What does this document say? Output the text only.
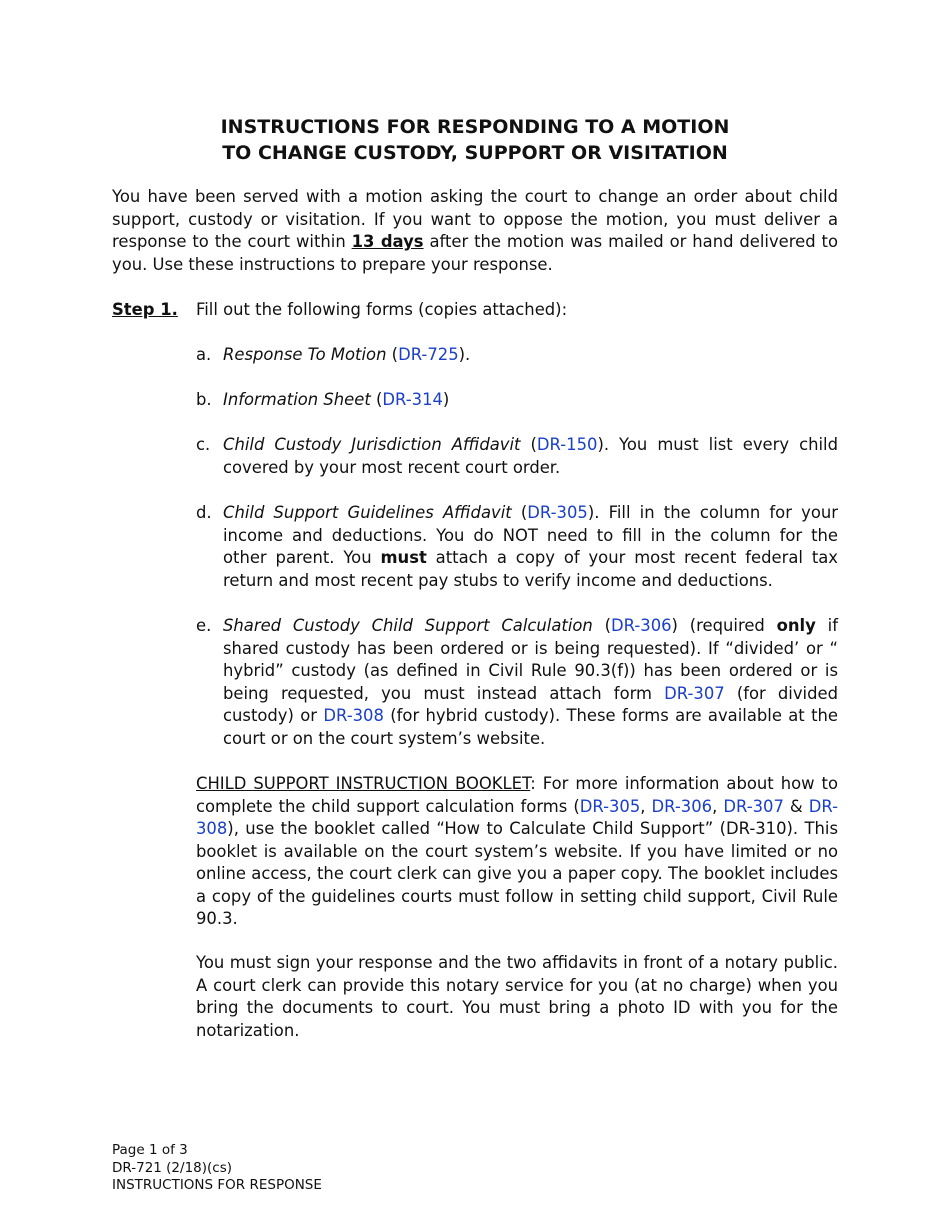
INSTRUCTIONS FOR RESPONDING TO A MOTION
TO CHANGE CUSTODY, SUPPORT OR VISITATION
You have been served with a motion asking the court to change an order about child support, custody or visitation. If you want to oppose the motion, you must deliver a response to the court within 13 days after the motion was mailed or hand delivered to you. Use these instructions to prepare your response.
Step 1. Fill out the following forms (copies attached):
a. Response To Motion (DR-725).
b. Information Sheet (DR-314)
c. Child Custody Jurisdiction Affidavit (DR-150). You must list every child covered by your most recent court order.
d. Child Support Guidelines Affidavit (DR-305). Fill in the column for your income and deductions. You do NOT need to fill in the column for the other parent. You must attach a copy of your most recent federal tax return and most recent pay stubs to verify income and deductions.
e. Shared Custody Child Support Calculation (DR-306) (required only if shared custody has been ordered or is being requested). If “divided’ or “ hybrid” custody (as defined in Civil Rule 90.3(f)) has been ordered or is being requested, you must instead attach form DR-307 (for divided custody) or DR-308 (for hybrid custody). These forms are available at the court or on the court system’s website.
CHILD SUPPORT INSTRUCTION BOOKLET: For more information about how to complete the child support calculation forms (DR-305, DR-306, DR-307 & DR-308), use the booklet called “How to Calculate Child Support” (DR-310). This booklet is available on the court system’s website. If you have limited or no online access, the court clerk can give you a paper copy. The booklet includes a copy of the guidelines courts must follow in setting child support, Civil Rule 90.3.
You must sign your response and the two affidavits in front of a notary public. A court clerk can provide this notary service for you (at no charge) when you bring the documents to court. You must bring a photo ID with you for the notarization.
Page 1 of 3
DR-721 (2/18)(cs)
INSTRUCTIONS FOR RESPONSE
